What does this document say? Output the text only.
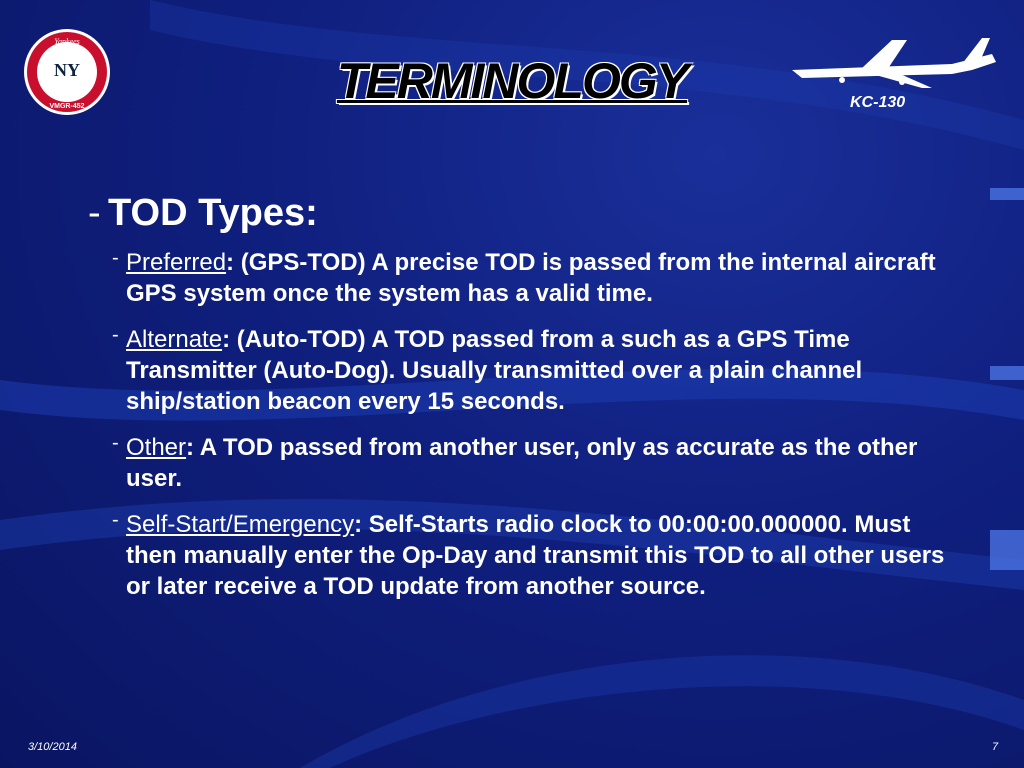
NY
Yankees
VMGR-452	TERMINOLOGY	KC-130
- TOD Types:
- Preferred: (GPS-TOD) A precise TOD is passed from the internal aircraft GPS system once the system has a valid time.
- Alternate: (Auto-TOD) A TOD passed from a such as a GPS Time Transmitter (Auto-Dog). Usually transmitted over a plain channel ship/station beacon every 15 seconds.
- Other: A TOD passed from another user, only as accurate as the other user.
- Self-Start/Emergency: Self-Starts radio clock to 00:00:00.000000. Must then manually enter the Op-Day and transmit this TOD to all other users or later receive a TOD update from another source.
3/10/2014	7
